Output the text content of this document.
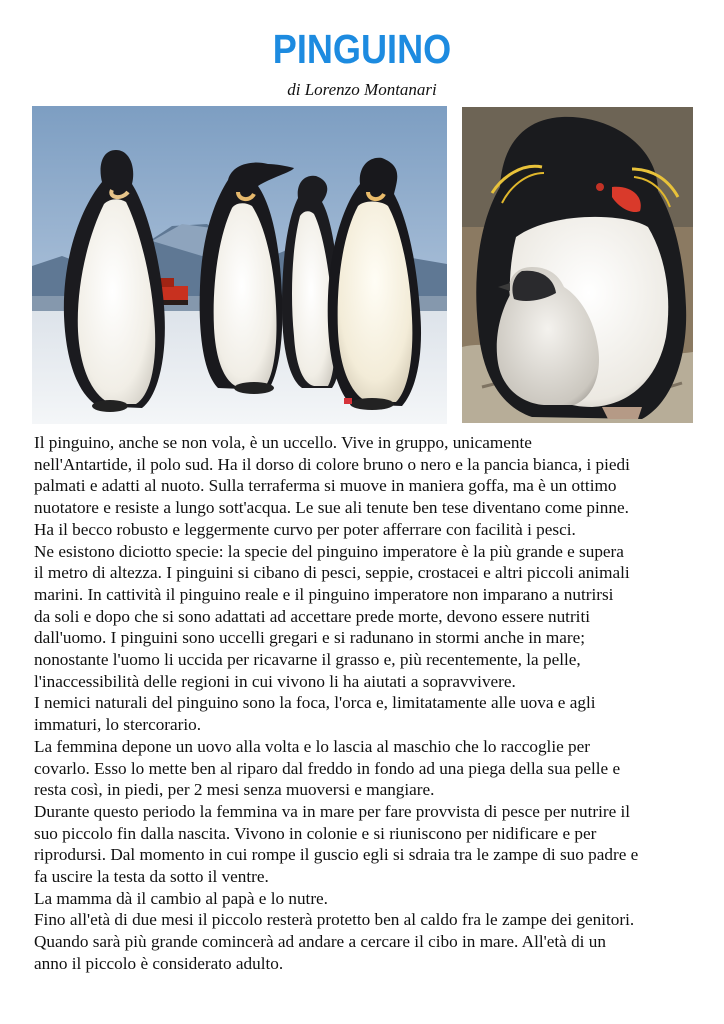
PINGUINO
di Lorenzo Montanari

Il pinguino, anche se non vola, è un uccello. Vive in gruppo, unicamente

nell'Antartide, il polo sud. Ha il dorso di colore bruno o nero e la pancia bianca, i piedi

palmati e adatti al nuoto. Sulla terraferma si muove in maniera goffa, ma è un ottimo

nuotatore e resiste a lungo sott'acqua. Le sue ali tenute ben tese diventano come pinne.

Ha il becco robusto e leggermente curvo per poter afferrare con facilità i pesci.

Ne esistono diciotto specie: la specie del pinguino imperatore è la più grande e supera

il metro di altezza. I pinguini si cibano di pesci, seppie, crostacei e altri piccoli animali

marini. In cattività il pinguino reale e il pinguino imperatore non imparano a nutrirsi

da soli e dopo che si sono adattati ad accettare prede morte, devono essere nutriti

dall'uomo. I pinguini sono uccelli gregari e si radunano in stormi anche in mare;

nonostante l'uomo li uccida per ricavarne il grasso e, più recentemente, la pelle,

l'inaccessibilità delle regioni in cui vivono li ha aiutati a sopravvivere.

I nemici naturali del pinguino sono la foca, l'orca e, limitatamente alle uova e agli

immaturi, lo stercorario.

La femmina depone un uovo alla volta e lo lascia al maschio che lo raccoglie per

covarlo. Esso lo mette ben al riparo dal freddo in fondo ad una piega della sua pelle e

resta così, in piedi, per 2 mesi senza muoversi e mangiare.

Durante questo periodo la femmina va in mare per fare provvista di pesce per nutrire il

suo piccolo fin dalla nascita. Vivono in colonie e si riuniscono per nidificare e per

riprodursi. Dal momento in cui rompe il guscio egli si sdraia tra le zampe di suo padre e

fa uscire la testa da sotto il ventre.

La mamma dà il cambio al papà e lo nutre.

Fino all'età di due mesi il piccolo resterà protetto ben al caldo fra le zampe dei genitori.

Quando sarà più grande comincerà ad andare a cercare il cibo in mare. All'età di un

anno il piccolo è considerato adulto.
